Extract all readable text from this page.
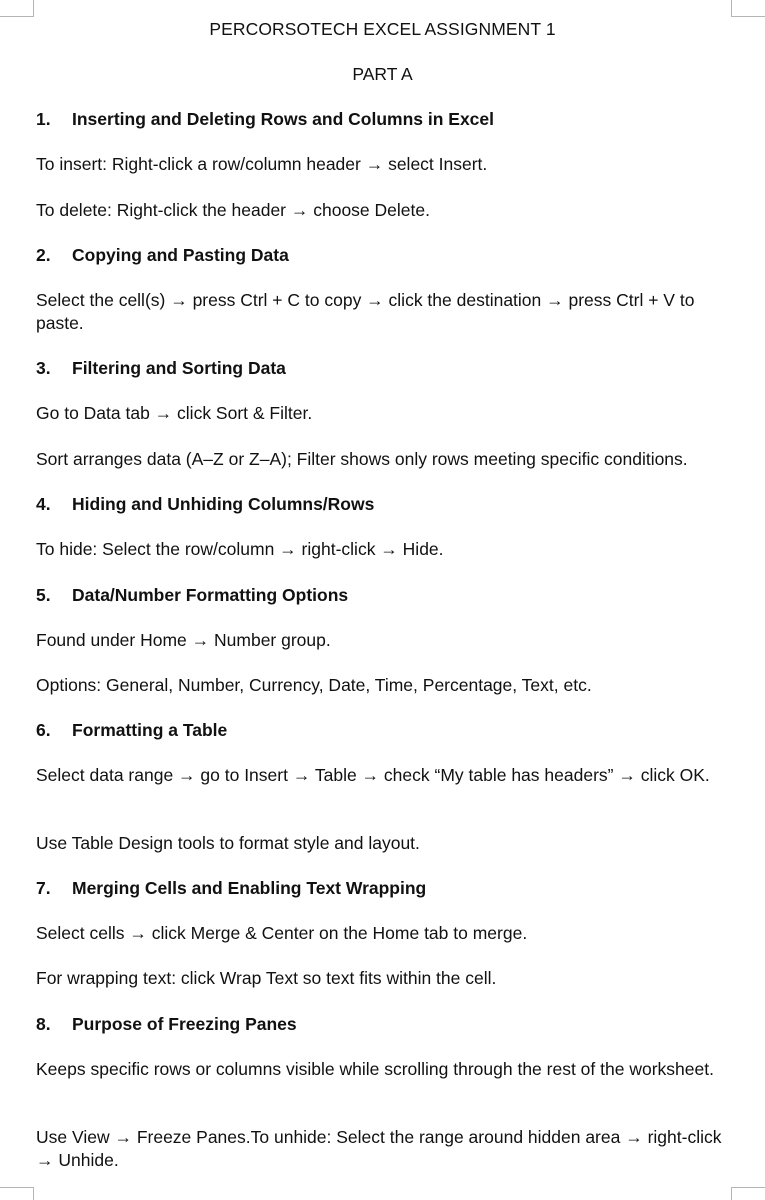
PERCORSOTECH EXCEL ASSIGNMENT 1
PART A
1. Inserting and Deleting Rows and Columns in Excel
To insert: Right-click a row/column header → select Insert.
To delete: Right-click the header → choose Delete.
2. Copying and Pasting Data
Select the cell(s) → press Ctrl + C to copy → click the destination → press Ctrl + V to paste.
3. Filtering and Sorting Data
Go to Data tab → click Sort & Filter.
Sort arranges data (A–Z or Z–A); Filter shows only rows meeting specific conditions.
4. Hiding and Unhiding Columns/Rows
To hide: Select the row/column → right-click → Hide.
5. Data/Number Formatting Options
Found under Home → Number group.
Options: General, Number, Currency, Date, Time, Percentage, Text, etc.
6. Formatting a Table
Select data range → go to Insert → Table → check “My table has headers” → click OK.
Use Table Design tools to format style and layout.
7. Merging Cells and Enabling Text Wrapping
Select cells → click Merge & Center on the Home tab to merge.
For wrapping text: click Wrap Text so text fits within the cell.
8. Purpose of Freezing Panes
Keeps specific rows or columns visible while scrolling through the rest of the worksheet.
Use View → Freeze Panes.To unhide: Select the range around hidden area → right-click → Unhide.
